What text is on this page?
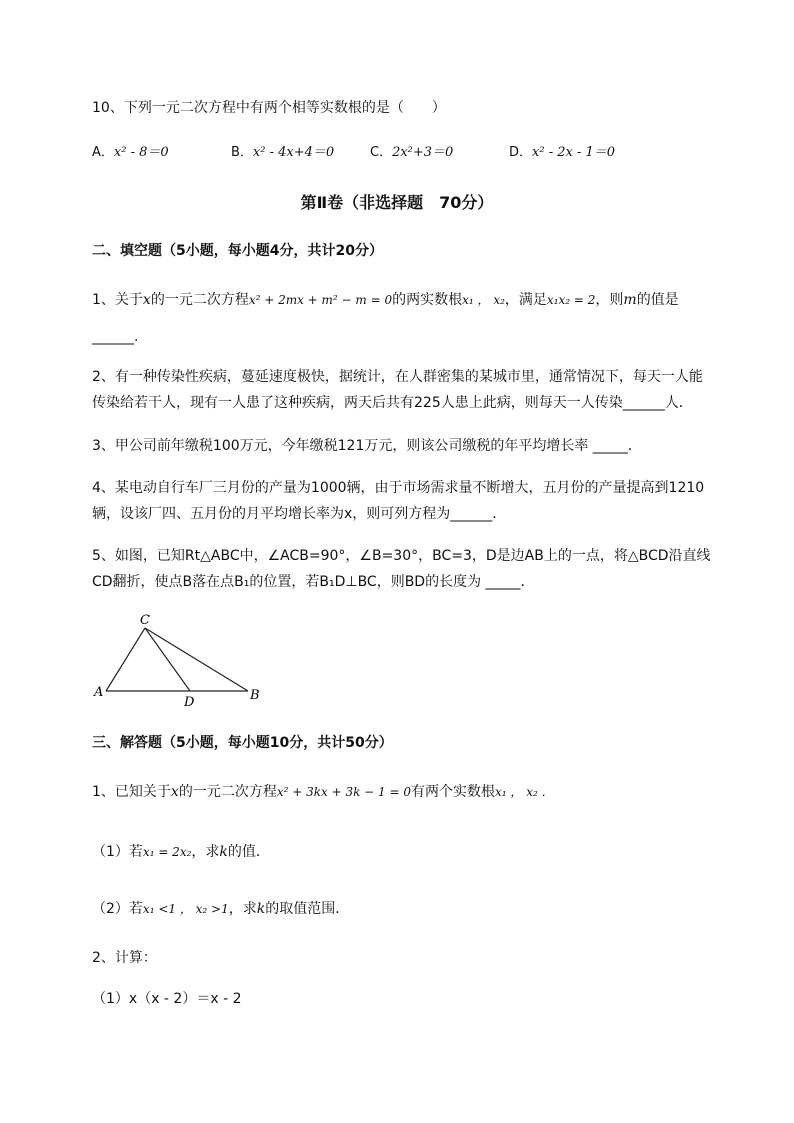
10、下列一元二次方程中有两个相等实数根的是（　　）
A．x² - 8＝0	B．x² - 4x+4＝0	C．2x²+3＝0	D．x² - 2x - 1＝0
第Ⅱ卷（非选择题　70分）
二、填空题（5小题，每小题4分，共计20分）
1、关于x的一元二次方程x² + 2mx + m² − m = 0的两实数根x₁ ， x₂，满足x₁x₂ = 2，则m的值是
______.
2、有一种传染性疾病，蔓延速度极快，据统计，在人群密集的某城市里，通常情况下，每天一人能
传染给若干人，现有一人患了这种疾病，两天后共有225人患上此病，则每天一人传染______人．
3、甲公司前年缴税100万元，今年缴税121万元，则该公司缴税的年平均增长率 _____．
4、某电动自行车厂三月份的产量为1000辆，由于市场需求量不断增大，五月份的产量提高到1210
辆，设该厂四、五月份的月平均增长率为x，则可列方程为______．
5、如图，已知Rt△ABC中，∠ACB=90°，∠B=30°，BC=3，D是边AB上的一点，将△BCD沿直线
CD翻折，使点B落在点B₁的位置，若B₁D⊥BC，则BD的长度为 _____．
C
A
D	B
三、解答题（5小题，每小题10分，共计50分）
1、已知关于x的一元二次方程x² + 3kx + 3k − 1 = 0有两个实数根x₁ ， x₂ ．
（1）若x₁ = 2x₂，求k的值．
（2）若x₁ <1 ， x₂ >1，求k的取值范围．
2、计算：
（1）x（x - 2）＝x - 2
